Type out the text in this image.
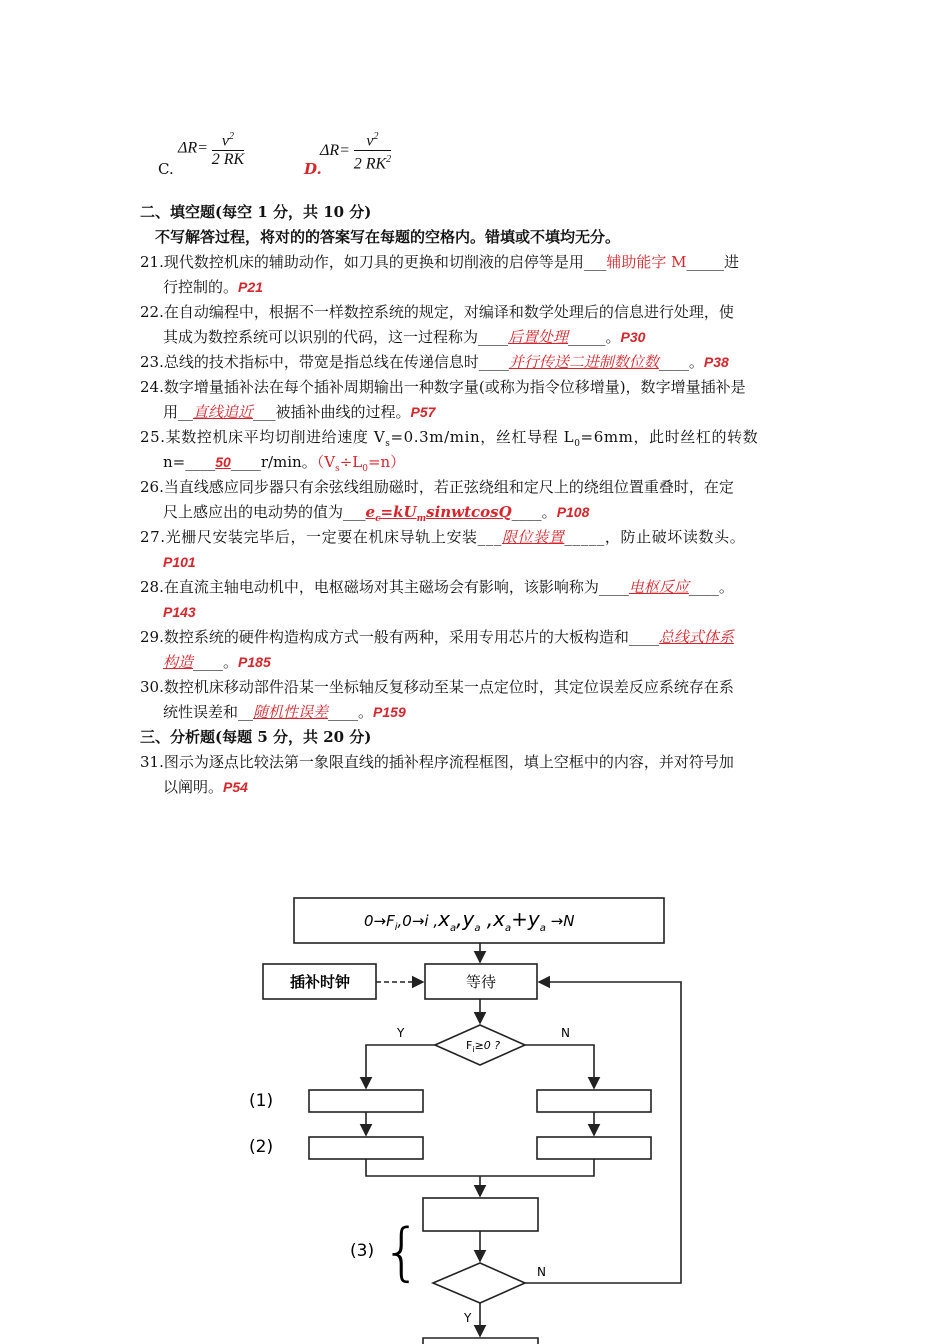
C.
$\Delta R= \frac{v^2}{2 RK}$	D.
$\Delta R= \frac{v^2}{2 RK^2}$
二、填空题(每空 1 分，共 10 分)
不写解答过程，将对的的答案写在每题的空格内。错填或不填均无分。
21.现代数控机床的辅助动作，如刀具的更换和切削液的启停等是用___辅助能字 M_____进
行控制的。P21
22.在自动编程中，根据不一样数控系统的规定，对编译和数学处理后的信息进行处理，使
其成为数控系统可以识别的代码，这一过程称为____后置处理_____。P30
23.总线的技术指标中，带宽是指总线在传递信息时____并行传送二进制数位数____。P38
24.数字增量插补法在每个插补周期输出一种数字量(或称为指令位移增量)，数字增量插补是
用__直线追近___被插补曲线的过程。P57
25.某数控机床平均切削进给速度 $V_s=0.3m/\min$，丝杠导程 $L_0=6mm$，此时丝杠的转数
n=____50____r/min。$(V_s\div L_0=n)$
26.当直线感应同步器只有余弦线组励磁时，若正弦绕组和定尺上的绕组位置重叠时，在定
尺上感应出的电动势的值为$\_\_\_e_c=kU_msinwtcosQ\_\_\_\_$。P108
27.光栅尺安装完毕后，一定要在机床导轨上安装___限位装置_____，防止破坏读数头。
P101
28.在直流主轴电动机中，电枢磁场对其主磁场会有影响，该影响称为____电枢反应____。
P143
29.数控系统的硬件构造构成方式一般有两种，采用专用芯片的大板构造和____总线式体系
构造____。P185
30.数控机床移动部件沿某一坐标轴反复移动至某一点定位时，其定位误差反应系统存在系
统性误差和__随机性误差____。P159
三、分析题(每题 5 分，共 20 分)
31.图示为逐点比较法第一象限直线的插补程序流程框图，填上空框中的内容，并对符号加
以阐明。P54
$0\to F_i,0\to i$ $,x_a,y_a$ $,x_a+y_a \to N$
插补时钟	等待
$F_i\ge 0$ ?
Y	N
(1)
(2)
(3) {	N
Y
